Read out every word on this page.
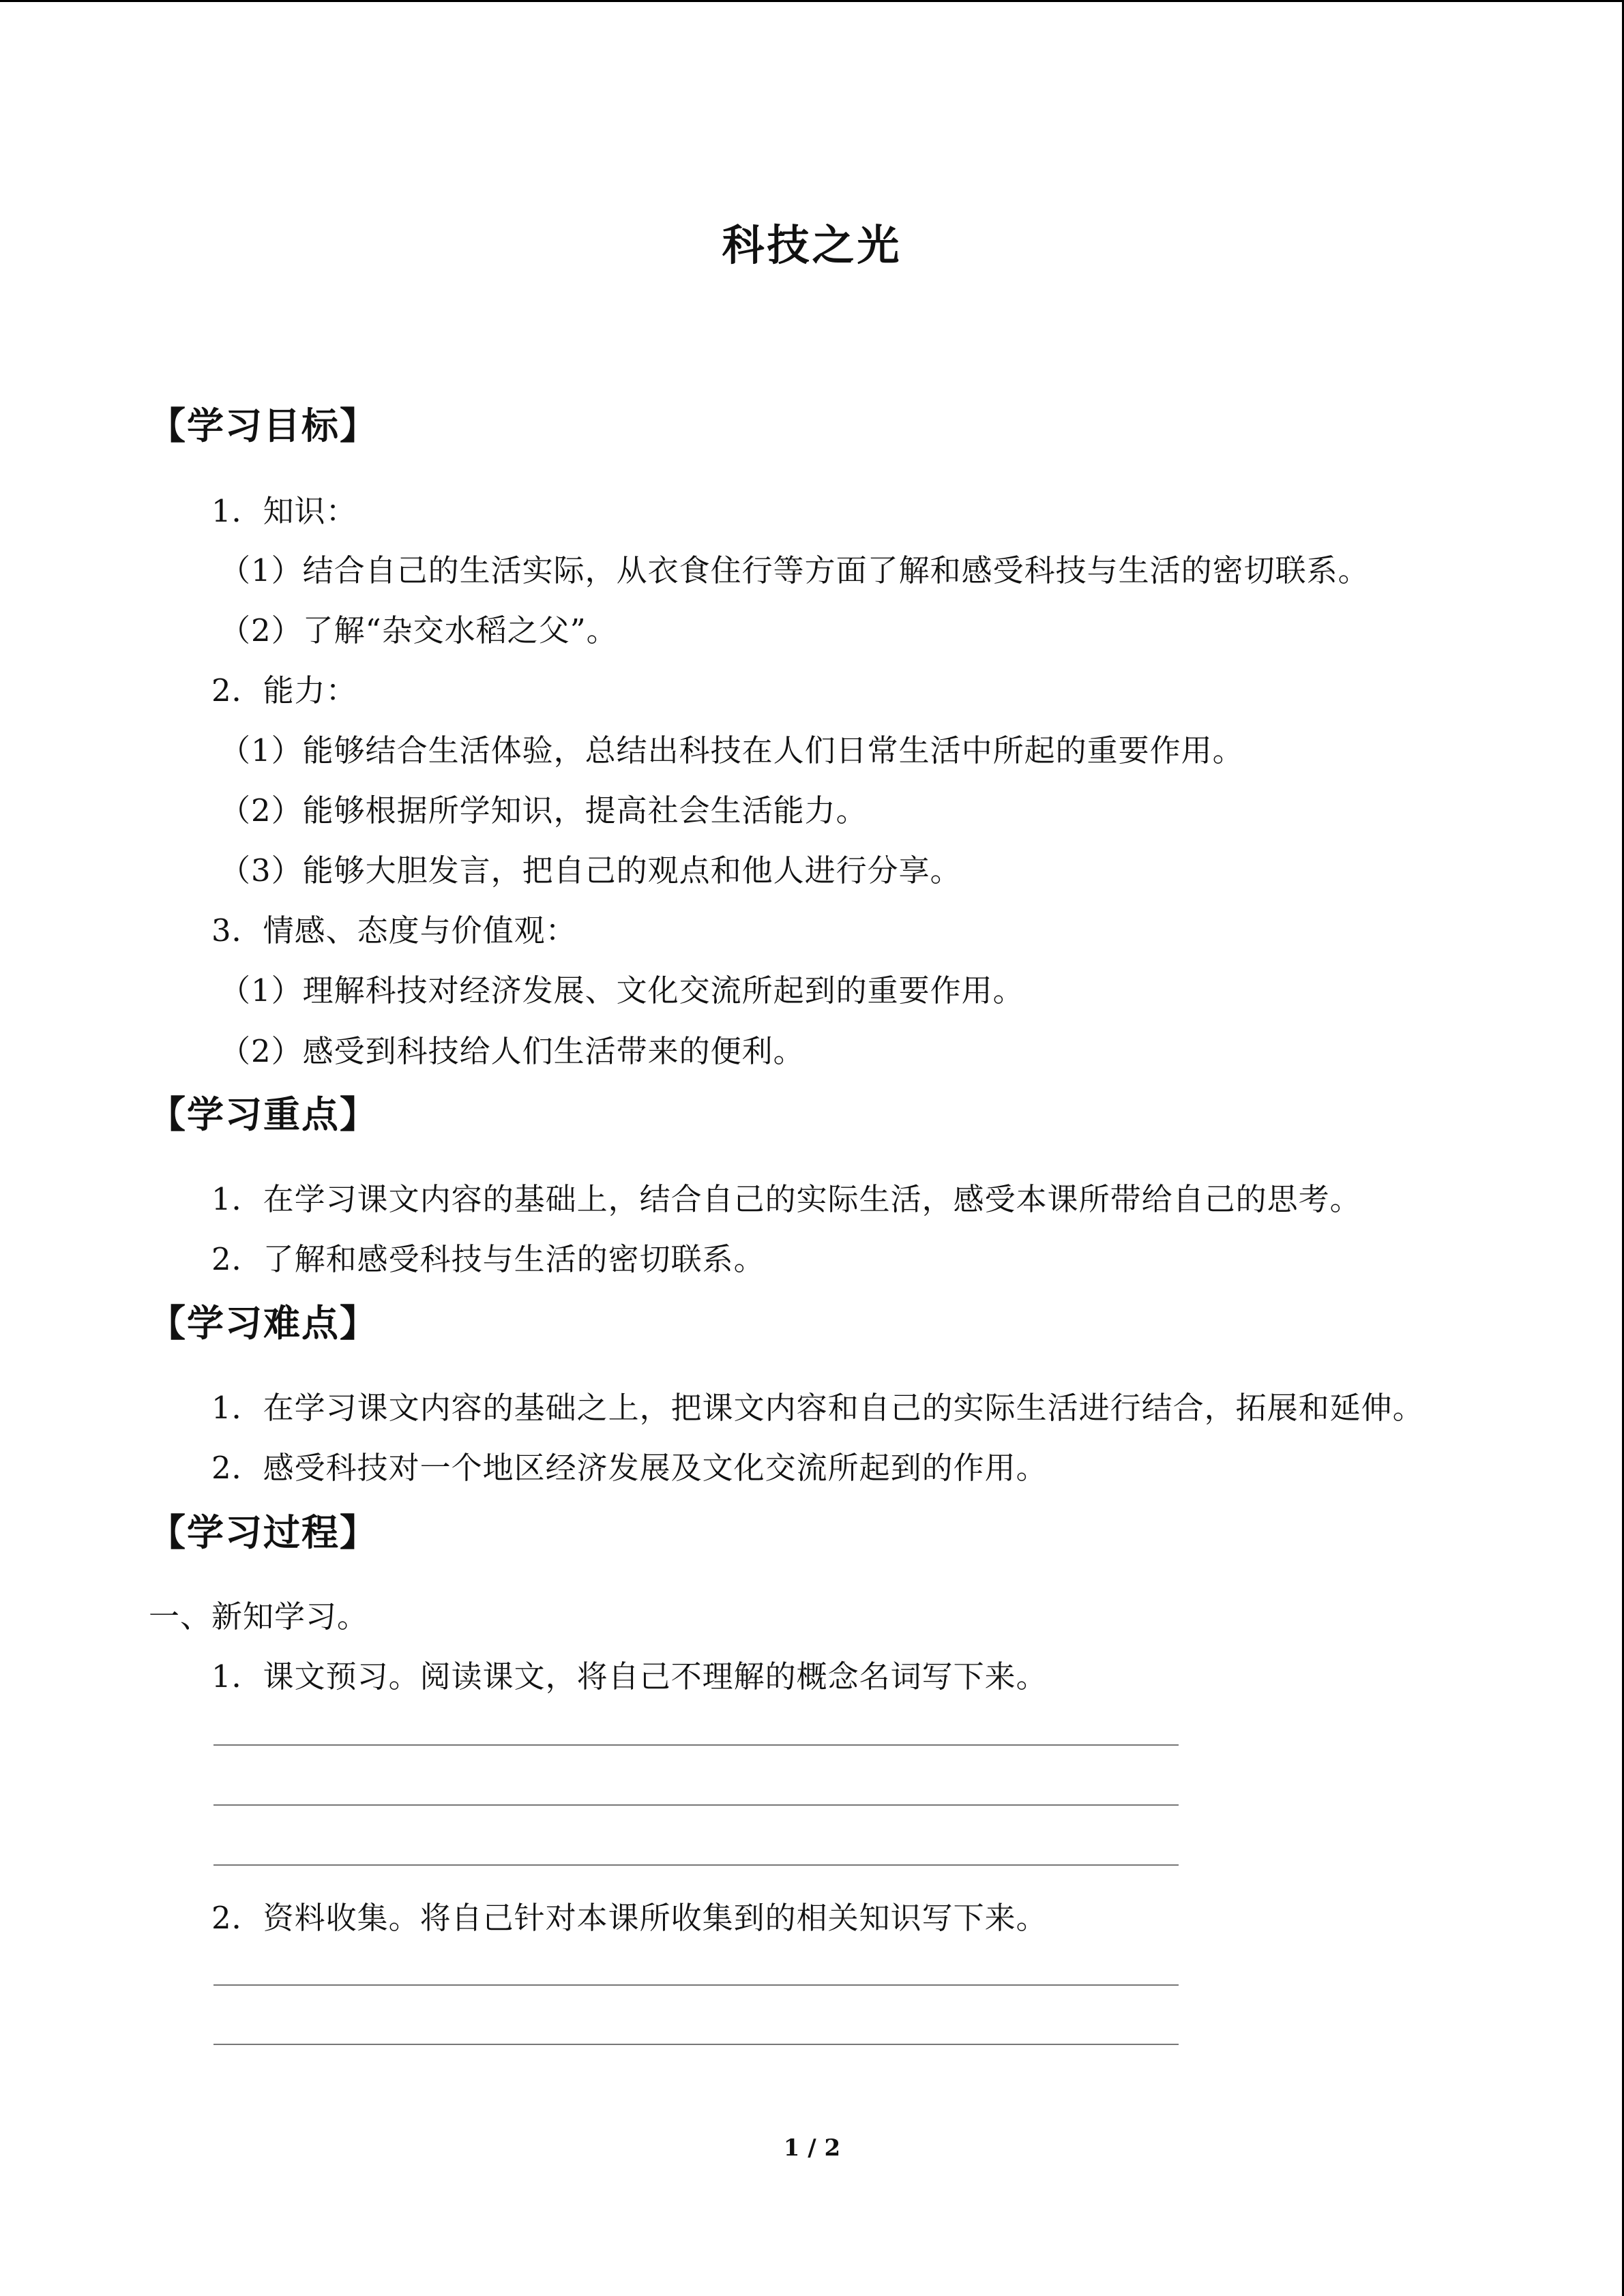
科技之光
【学习目标】
1．知识：
（1）结合自己的生活实际，从衣食住行等方面了解和感受科技与生活的密切联系。
（2）了解“杂交水稻之父”。
2．能力：
（1）能够结合生活体验，总结出科技在人们日常生活中所起的重要作用。
（2）能够根据所学知识，提高社会生活能力。
（3）能够大胆发言，把自己的观点和他人进行分享。
3．情感、态度与价值观：
（1）理解科技对经济发展、文化交流所起到的重要作用。
（2）感受到科技给人们生活带来的便利。
【学习重点】
1．在学习课文内容的基础上，结合自己的实际生活，感受本课所带给自己的思考。
2．了解和感受科技与生活的密切联系。
【学习难点】
1．在学习课文内容的基础之上，把课文内容和自己的实际生活进行结合，拓展和延伸。
2．感受科技对一个地区经济发展及文化交流所起到的作用。
【学习过程】
一、新知学习。
1．课文预习。阅读课文，将自己不理解的概念名词写下来。
2．资料收集。将自己针对本课所收集到的相关知识写下来。
1 / 2
